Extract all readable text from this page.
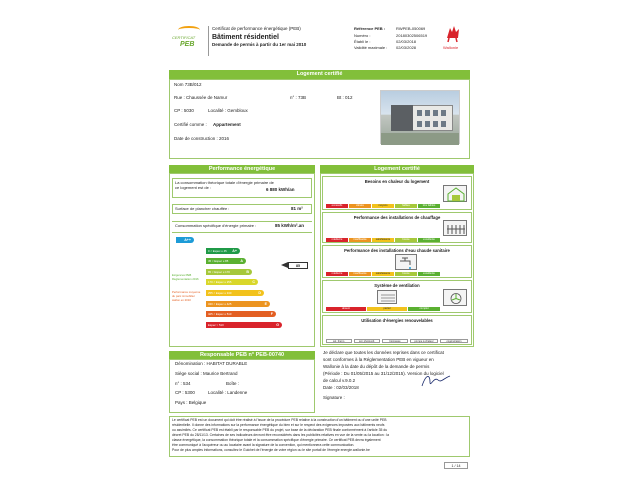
CERTIFICAT
PEB
Certificat de performance énergétique (PEB)
Bâtiment résidentiel
Demande de permis à partir du 1er mai 2010
Référence PEB :	RWPEB-050069
Numéro :	20180302506519
Établi le :	02/03/2018
Validité maximale : 02/03/2028	Wallonie
Logement certifié
Nom 73B/012
Rue : Chaussée de Namur	n° : 73B	Bt : 012
CP : 5030	Localité : Gembloux
Certifié comme : Appartement
Date de construction : 2016
Performance énergétique
La consommation théorique totale d'énergie primaire de
ce logement est de :	6 880 kWh/an
Surface de plancher chauffée :	81 m²
Consommation spécifique d'énergie primaire :	85 kWh/m².an
Exigences PEB
Réglementation 2016
Performance moyenne
du parc immobilier
wallon en 2010
A++
0 < Espec ≤ 45 A+
45 < Espec ≤ 85	A
85 < Espec ≤ 170	B
170 < Espec ≤ 255	C
255 < Espec ≤ 340	D
340 < Espec ≤ 425	E
425 < Espec ≤ 510	F
Espec > 510	G
85
Logement certifié
Besoins en chaleur du logement
excessifs	élevés	moyens	faibles	très faibles
Performance des installations de chauffage
médiocre	insuffisante	satisfaisante	bonne	excellente
Performance des installations d'eau chaude sanitaire
médiocre	insuffisante	satisfaisante	bonne	excellente
Système de ventilation
absent	partiel	complet
Utilisation d'énergies renouvelables
sol. therm.	sol. photovolt.	biomasse	pompe à chaleur	cogénération
Responsable PEB n° PEB-00740
Dénomination : HABITAT DURABLE
Siège social : Maurice Bertrand
n° : 534	Boîte :
CP : 5300	Localité : Landenne
Pays : Belgique
Je déclare que toutes les données reprises dans ce certificat
sont conformes à la Réglementation PEB en vigueur en
Wallonie à la date du dépôt de la demande de permis
(Période : Du 01/05/2015 au 31/12/2015). Version du logiciel
de calcul v.9.0.2
Date : 02/03/2018
Signature :
Le certificat PEB est un document qui doit être réalisé à l'issue de la procédure PEB relative à la construction d'un bâtiment ou d'une unité PEB
résidentielle. Il donne des informations sur la performance énergétique du bien et sur le respect des exigences imposées aux bâtiments neufs
ou assimilés. Ce certificat PEB est établi par le responsable PEB du projet, sur base de la déclaration PEB finale conformément à l'article 35 du
décret PEB du 28/11/13. Certaines de ses indicateurs devront être reconsidérés dans les publicités relatives en vue de la vente ou la location : la
classe énergétique, la consommation théorique totale et la consommation spécifique d'énergie primaire. Ce certificat PEB devra également
être communiqué à l'acquéreur ou au locataire avant la signature de la convention, qui mentionnera cette communication.
Pour de plus amples informations, consultez le Guichet de l'énergie de votre région ou le site portail de l'énergie energie.wallonie.be
1 / 14
